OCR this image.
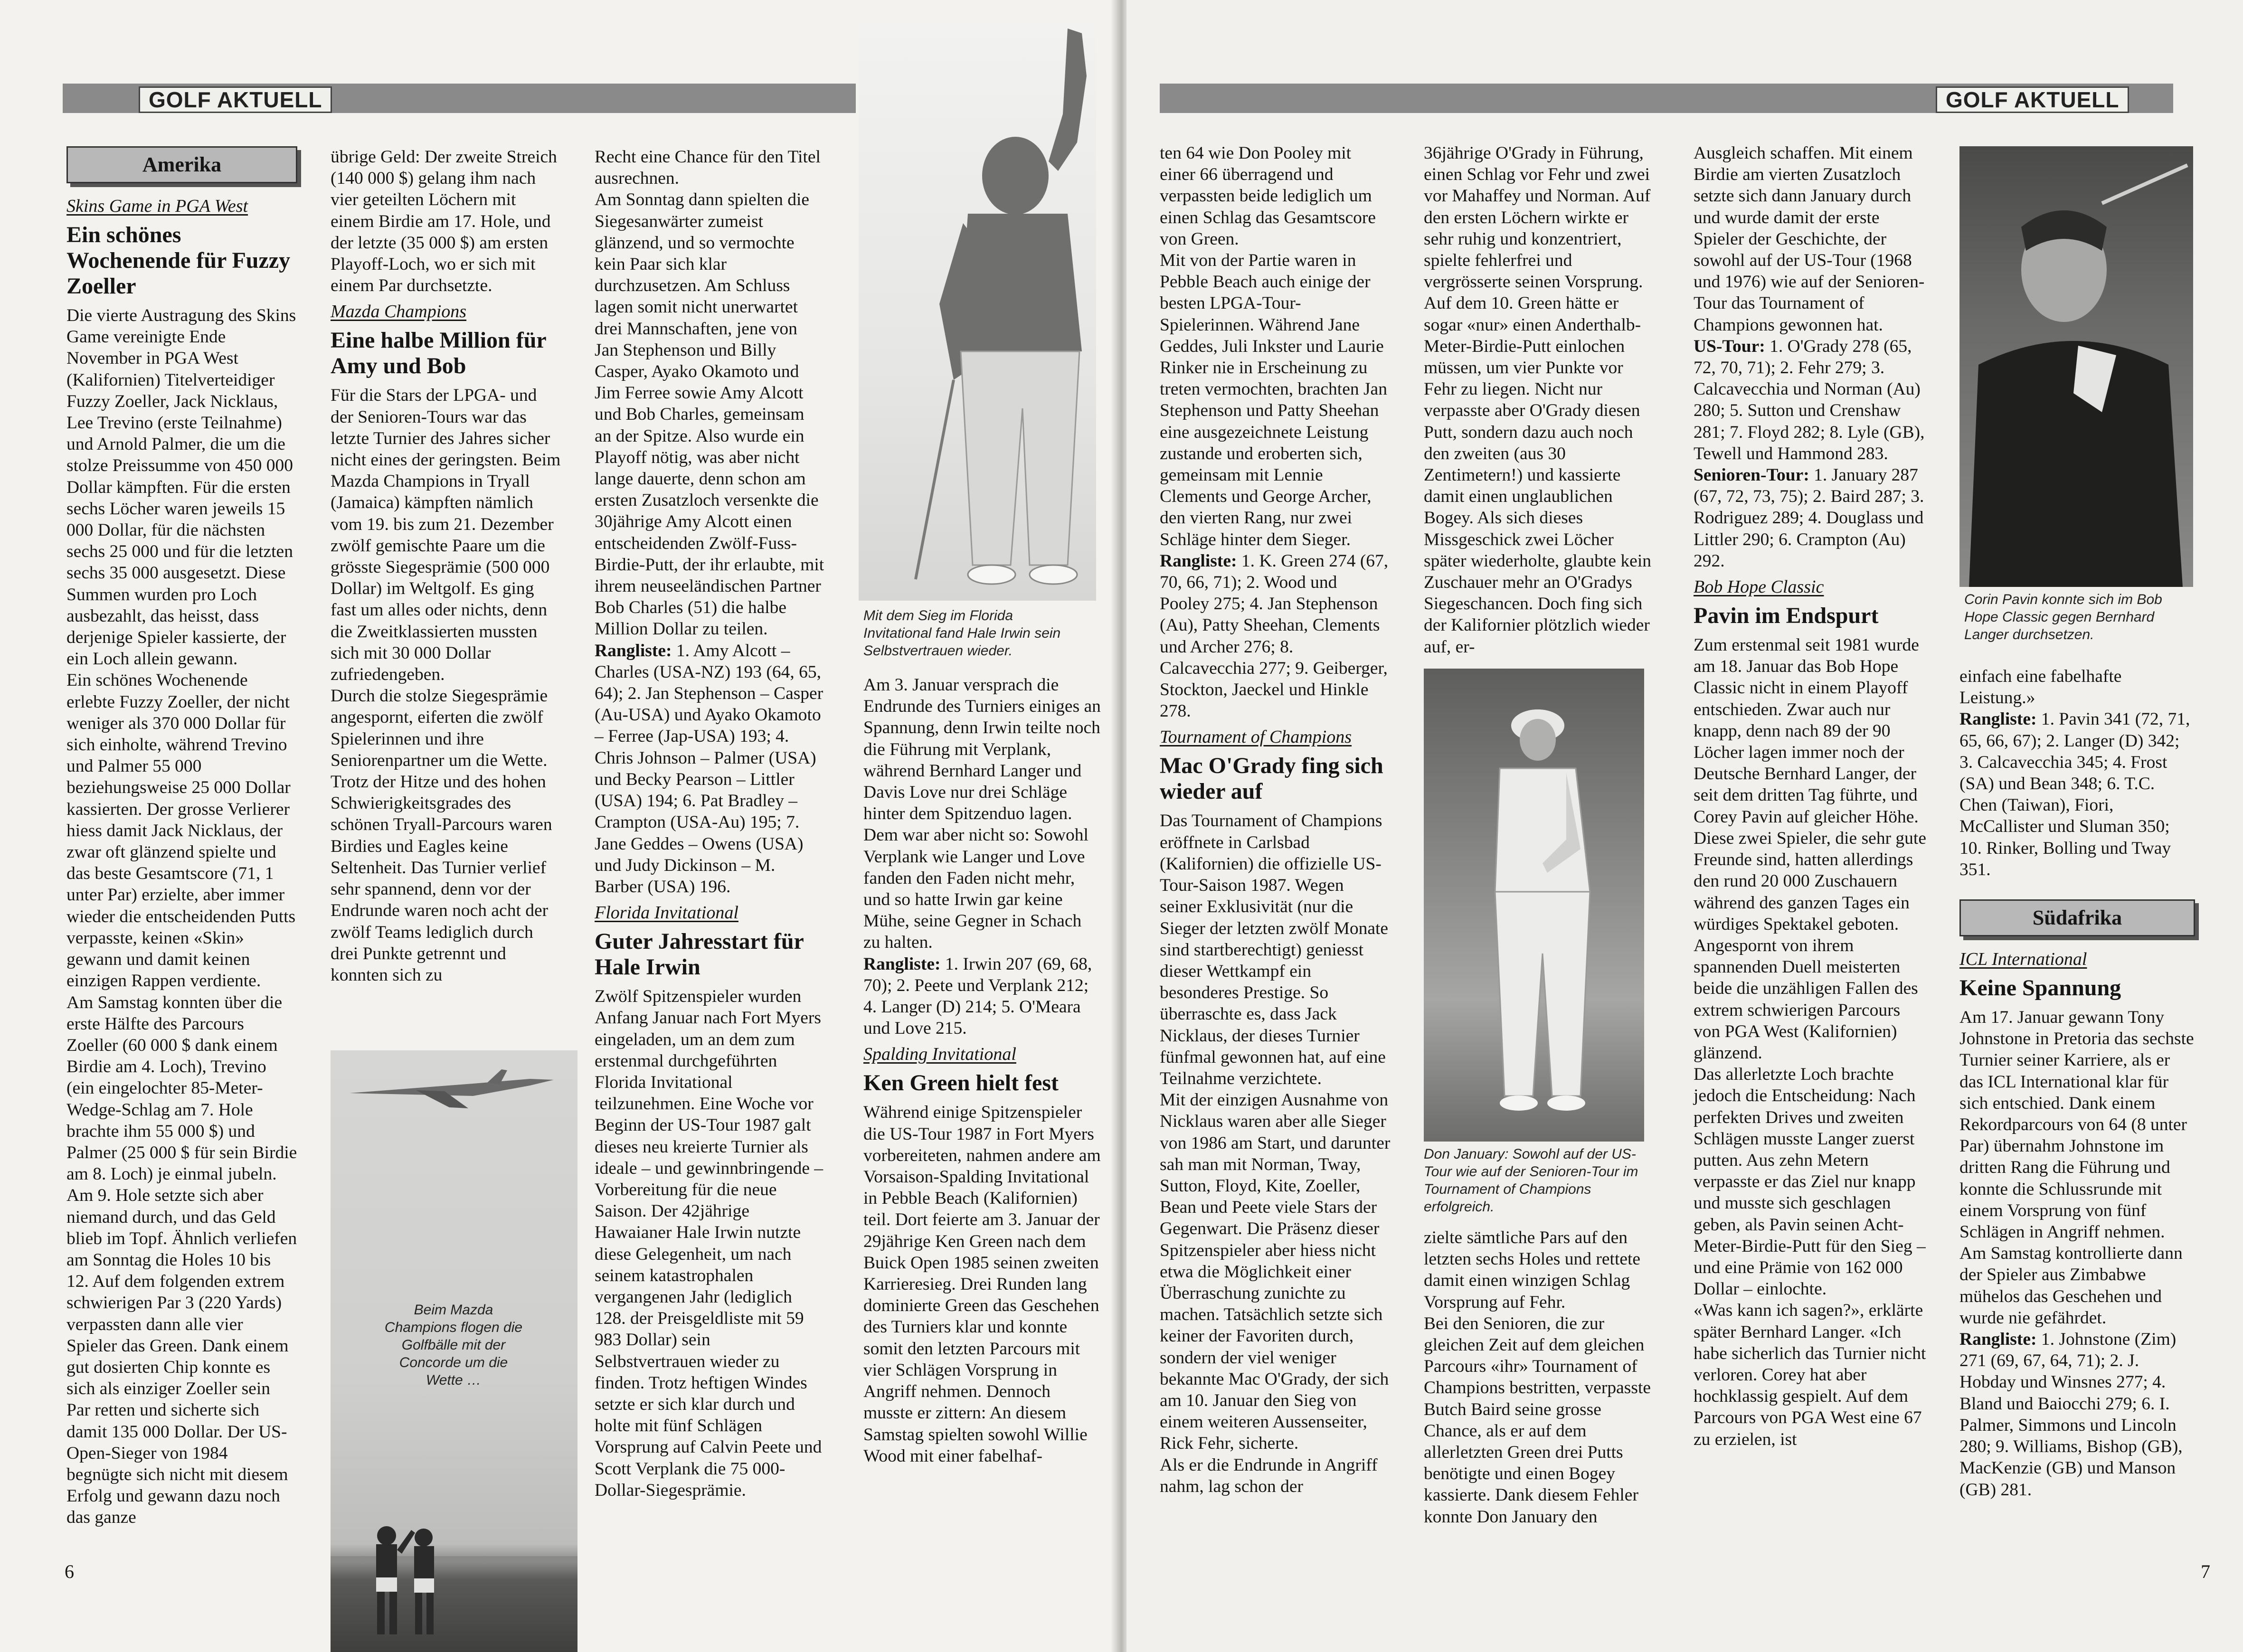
GOLF AKTUELL
Amerika
Skins Game in PGA West
Ein schönes Wochenende für Fuzzy Zoeller

Die vierte Austragung des Skins Game vereinigte Ende November in PGA West (Kalifornien) Titelverteidiger Fuzzy Zoeller, Jack Nicklaus, Lee Trevino (erste Teilnahme) und Arnold Palmer, die um die stolze Preissumme von 450 000 Dollar kämpften. Für die ersten sechs Löcher waren jeweils 15 000 Dollar, für die nächsten sechs 25 000 und für die letzten sechs 35 000 ausgesetzt. Diese Summen wurden pro Loch ausbezahlt, das heisst, dass derjenige Spieler kassierte, der ein Loch allein gewann.

Ein schönes Wochenende erlebte Fuzzy Zoeller, der nicht weniger als 370 000 Dollar für sich einholte, während Trevino und Palmer 55 000 beziehungsweise 25 000 Dollar kassierten. Der grosse Verlierer hiess damit Jack Nicklaus, der zwar oft glänzend spielte und das beste Gesamtscore (71, 1 unter Par) erzielte, aber immer wieder die entscheidenden Putts verpasste, keinen «Skin» gewann und damit keinen einzigen Rappen verdiente.

Am Samstag konnten über die erste Hälfte des Parcours Zoeller (60 000 $ dank einem Birdie am 4. Loch), Trevino (ein eingelochter 85-Meter-Wedge-Schlag am 7. Hole brachte ihm 55 000 $) und Palmer (25 000 $ für sein Birdie am 8. Loch) je einmal jubeln. Am 9. Hole setzte sich aber niemand durch, und das Geld blieb im Topf. Ähnlich verliefen am Sonntag die Holes 10 bis 12. Auf dem folgenden extrem schwierigen Par 3 (220 Yards) verpassten dann alle vier Spieler das Green. Dank einem gut dosierten Chip konnte es sich als einziger Zoeller sein Par retten und sicherte sich damit 135 000 Dollar. Der US-Open-Sieger von 1984 begnügte sich nicht mit diesem Erfolg und gewann dazu noch das ganze

übrige Geld: Der zweite Streich (140 000 $) gelang ihm nach vier geteilten Löchern mit einem Birdie am 17. Hole, und der letzte (35 000 $) am ersten Playoff-Loch, wo er sich mit einem Par durchsetzte.

Mazda Champions
Eine halbe Million für Amy und Bob

Für die Stars der LPGA- und der Senioren-Tours war das letzte Turnier des Jahres sicher nicht eines der geringsten. Beim Mazda Champions in Tryall (Jamaica) kämpften nämlich vom 19. bis zum 21. Dezember zwölf gemischte Paare um die grösste Siegesprämie (500 000 Dollar) im Weltgolf. Es ging fast um alles oder nichts, denn die Zweitklassierten mussten sich mit 30 000 Dollar zufriedengeben.

Durch die stolze Siegesprämie angespornt, eiferten die zwölf Spielerinnen und ihre Seniorenpartner um die Wette. Trotz der Hitze und des hohen Schwierigkeitsgrades des schönen Tryall-Parcours waren Birdies und Eagles keine Seltenheit. Das Turnier verlief sehr spannend, denn vor der Endrunde waren noch acht der zwölf Teams lediglich durch drei Punkte getrennt und konnten sich zu

Beim Mazda Champions flogen die Golfbälle mit der Concorde um die Wette …

Recht eine Chance für den Titel ausrechnen.

Am Sonntag dann spielten die Siegesanwärter zumeist glänzend, und so vermochte kein Paar sich klar durchzusetzen. Am Schluss lagen somit nicht unerwartet drei Mannschaften, jene von Jan Stephenson und Billy Casper, Ayako Okamoto und Jim Ferree sowie Amy Alcott und Bob Charles, gemeinsam an der Spitze. Also wurde ein Playoff nötig, was aber nicht lange dauerte, denn schon am ersten Zusatzloch versenkte die 30jährige Amy Alcott einen entscheidenden Zwölf-Fuss-Birdie-Putt, der ihr erlaubte, mit ihrem neuseeländischen Partner Bob Charles (51) die halbe Million Dollar zu teilen.

Rangliste: 1. Amy Alcott – Charles (USA-NZ) 193 (64, 65, 64); 2. Jan Stephenson – Casper (Au-USA) und Ayako Okamoto – Ferree (Jap-USA) 193; 4. Chris Johnson – Palmer (USA) und Becky Pearson – Littler (USA) 194; 6. Pat Bradley – Crampton (USA-Au) 195; 7. Jane Geddes – Owens (USA) und Judy Dickinson – M. Barber (USA) 196.

Florida Invitational
Guter Jahresstart für Hale Irwin

Zwölf Spitzenspieler wurden Anfang Januar nach Fort Myers eingeladen, um an dem zum erstenmal durchgeführten Florida Invitational teilzunehmen. Eine Woche vor Beginn der US-Tour 1987 galt dieses neu kreierte Turnier als ideale – und gewinnbringende – Vorbereitung für die neue Saison. Der 42jährige Hawaianer Hale Irwin nutzte diese Gelegenheit, um nach seinem katastrophalen vergangenen Jahr (lediglich 128. der Preisgeldliste mit 59 983 Dollar) sein Selbstvertrauen wieder zu finden. Trotz heftigen Windes setzte er sich klar durch und holte mit fünf Schlägen Vorsprung auf Calvin Peete und Scott Verplank die 75 000-Dollar-Siegesprämie.

Mit dem Sieg im Florida Invitational fand Hale Irwin sein Selbstvertrauen wieder.

Am 3. Januar versprach die Endrunde des Turniers einiges an Spannung, denn Irwin teilte noch die Führung mit Verplank, während Bernhard Langer und Davis Love nur drei Schläge hinter dem Spitzenduo lagen. Dem war aber nicht so: Sowohl Verplank wie Langer und Love fanden den Faden nicht mehr, und so hatte Irwin gar keine Mühe, seine Gegner in Schach zu halten.

Rangliste: 1. Irwin 207 (69, 68, 70); 2. Peete und Verplank 212; 4. Langer (D) 214; 5. O'Meara und Love 215.

Spalding Invitational
Ken Green hielt fest

Während einige Spitzenspieler die US-Tour 1987 in Fort Myers vorbereiteten, nahmen andere am Vorsaison-Spalding Invitational in Pebble Beach (Kalifornien) teil. Dort feierte am 3. Januar der 29jährige Ken Green nach dem Buick Open 1985 seinen zweiten Karrieresieg. Drei Runden lang dominierte Green das Geschehen des Turniers klar und konnte somit den letzten Parcours mit vier Schlägen Vorsprung in Angriff nehmen. Dennoch musste er zittern: An diesem Samstag spielten sowohl Willie Wood mit einer fabelhaf-

6
GOLF AKTUELL

ten 64 wie Don Pooley mit einer 66 überragend und verpassten beide lediglich um einen Schlag das Gesamtscore von Green.

Mit von der Partie waren in Pebble Beach auch einige der besten LPGA-Tour-Spielerinnen. Während Jane Geddes, Juli Inkster und Laurie Rinker nie in Erscheinung zu treten vermochten, brachten Jan Stephenson und Patty Sheehan eine ausgezeichnete Leistung zustande und eroberten sich, gemeinsam mit Lennie Clements und George Archer, den vierten Rang, nur zwei Schläge hinter dem Sieger.

Rangliste: 1. K. Green 274 (67, 70, 66, 71); 2. Wood und Pooley 275; 4. Jan Stephenson (Au), Patty Sheehan, Clements und Archer 276; 8. Calcavecchia 277; 9. Geiberger, Stockton, Jaeckel und Hinkle 278.

Tournament of Champions
Mac O'Grady fing sich wieder auf

Das Tournament of Champions eröffnete in Carlsbad (Kalifornien) die offizielle US-Tour-Saison 1987. Wegen seiner Exklusivität (nur die Sieger der letzten zwölf Monate sind startberechtigt) geniesst dieser Wettkampf ein besonderes Prestige. So überraschte es, dass Jack Nicklaus, der dieses Turnier fünfmal gewonnen hat, auf eine Teilnahme verzichtete.

Mit der einzigen Ausnahme von Nicklaus waren aber alle Sieger von 1986 am Start, und darunter sah man mit Norman, Tway, Sutton, Floyd, Kite, Zoeller, Bean und Peete viele Stars der Gegenwart. Die Präsenz dieser Spitzenspieler aber hiess nicht etwa die Möglichkeit einer Überraschung zunichte zu machen. Tatsächlich setzte sich keiner der Favoriten durch, sondern der viel weniger bekannte Mac O'Grady, der sich am 10. Januar den Sieg von einem weiteren Aussenseiter, Rick Fehr, sicherte.

Als er die Endrunde in Angriff nahm, lag schon der

36jährige O'Grady in Führung, einen Schlag vor Fehr und zwei vor Mahaffey und Norman. Auf den ersten Löchern wirkte er sehr ruhig und konzentriert, spielte fehlerfrei und vergrösserte seinen Vorsprung. Auf dem 10. Green hätte er sogar «nur» einen Anderthalb-Meter-Birdie-Putt einlochen müssen, um vier Punkte vor Fehr zu liegen. Nicht nur verpasste aber O'Grady diesen Putt, sondern dazu auch noch den zweiten (aus 30 Zentimetern!) und kassierte damit einen unglaublichen Bogey. Als sich dieses Missgeschick zwei Löcher später wiederholte, glaubte kein Zuschauer mehr an O'Gradys Siegeschancen. Doch fing sich der Kalifornier plötzlich wieder auf, er-

Don January: Sowohl auf der US-Tour wie auf der Senioren-Tour im Tournament of Champions erfolgreich.

zielte sämtliche Pars auf den letzten sechs Holes und rettete damit einen winzigen Schlag Vorsprung auf Fehr.

Bei den Senioren, die zur gleichen Zeit auf dem gleichen Parcours «ihr» Tournament of Champions bestritten, verpasste Butch Baird seine grosse Chance, als er auf dem allerletzten Green drei Putts benötigte und einen Bogey kassierte. Dank diesem Fehler konnte Don January den

Ausgleich schaffen. Mit einem Birdie am vierten Zusatzloch setzte sich dann January durch und wurde damit der erste Spieler der Geschichte, der sowohl auf der US-Tour (1968 und 1976) wie auf der Senioren-Tour das Tournament of Champions gewonnen hat.

US-Tour: 1. O'Grady 278 (65, 72, 70, 71); 2. Fehr 279; 3. Calcavecchia und Norman (Au) 280; 5. Sutton und Crenshaw 281; 7. Floyd 282; 8. Lyle (GB), Tewell und Hammond 283.

Senioren-Tour: 1. January 287 (67, 72, 73, 75); 2. Baird 287; 3. Rodriguez 289; 4. Douglass und Littler 290; 6. Crampton (Au) 292.

Bob Hope Classic
Pavin im Endspurt

Zum erstenmal seit 1981 wurde am 18. Januar das Bob Hope Classic nicht in einem Playoff entschieden. Zwar auch nur knapp, denn nach 89 der 90 Löcher lagen immer noch der Deutsche Bernhard Langer, der seit dem dritten Tag führte, und Corey Pavin auf gleicher Höhe. Diese zwei Spieler, die sehr gute Freunde sind, hatten allerdings den rund 20 000 Zuschauern während des ganzen Tages ein würdiges Spektakel geboten. Angespornt von ihrem spannenden Duell meisterten beide die unzähligen Fallen des extrem schwierigen Parcours von PGA West (Kalifornien) glänzend.

Das allerletzte Loch brachte jedoch die Entscheidung: Nach perfekten Drives und zweiten Schlägen musste Langer zuerst putten. Aus zehn Metern verpasste er das Ziel nur knapp und musste sich geschlagen geben, als Pavin seinen Acht-Meter-Birdie-Putt für den Sieg – und eine Prämie von 162 000 Dollar – einlochte.

«Was kann ich sagen?», erklärte später Bernhard Langer. «Ich habe sicherlich das Turnier nicht verloren. Corey hat aber hochklassig gespielt. Auf dem Parcours von PGA West eine 67 zu erzielen, ist

Corin Pavin konnte sich im Bob Hope Classic gegen Bernhard Langer durchsetzen.

einfach eine fabelhafte Leistung.»

Rangliste: 1. Pavin 341 (72, 71, 65, 66, 67); 2. Langer (D) 342; 3. Calcavecchia 345; 4. Frost (SA) und Bean 348; 6. T.C. Chen (Taiwan), Fiori, McCallister und Sluman 350; 10. Rinker, Bolling und Tway 351.

Südafrika
ICL International
Keine Spannung

Am 17. Januar gewann Tony Johnstone in Pretoria das sechste Turnier seiner Karriere, als er das ICL International klar für sich entschied. Dank einem Rekordparcours von 64 (8 unter Par) übernahm Johnstone im dritten Rang die Führung und konnte die Schlussrunde mit einem Vorsprung von fünf Schlägen in Angriff nehmen. Am Samstag kontrollierte dann der Spieler aus Zimbabwe mühelos das Geschehen und wurde nie gefährdet.

Rangliste: 1. Johnstone (Zim) 271 (69, 67, 64, 71); 2. J. Hobday und Winsnes 277; 4. Bland und Baiocchi 279; 6. I. Palmer, Simmons und Lincoln 280; 9. Williams, Bishop (GB), MacKenzie (GB) und Manson (GB) 281.

7
